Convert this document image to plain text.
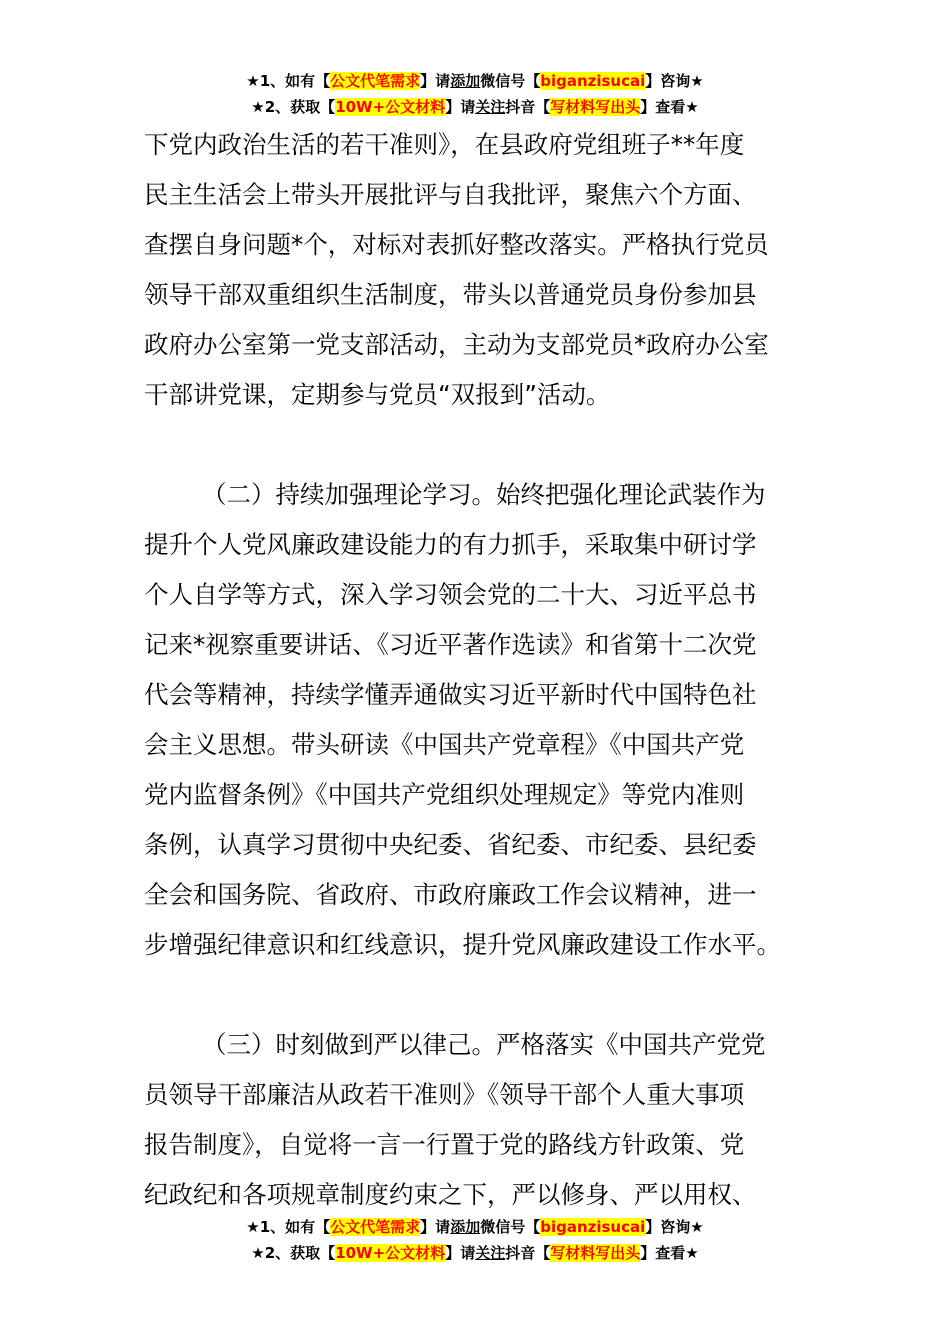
★1、如有【公文代笔需求】请添加微信号【biganzisucai】咨询★
★2、获取【10W+公文材料】请关注抖音【写材料写出头】查看★

下党内政治生活的若干准则》，在县政府党组班子**年度

民主生活会上带头开展批评与自我批评，聚焦六个方面、

查摆自身问题*个，对标对表抓好整改落实。严格执行党员

领导干部双重组织生活制度，带头以普通党员身份参加县

政府办公室第一党支部活动，主动为支部党员*政府办公室

干部讲党课，定期参与党员“双报到”活动。

（二）持续加强理论学习。始终把强化理论武装作为

提升个人党风廉政建设能力的有力抓手，采取集中研讨学

个人自学等方式，深入学习领会党的二十大、习近平总书

记来*视察重要讲话、《习近平著作选读》和省第十二次党

代会等精神，持续学懂弄通做实习近平新时代中国特色社

会主义思想。带头研读《中国共产党章程》《中国共产党

党内监督条例》《中国共产党组织处理规定》等党内准则

条例，认真学习贯彻中央纪委、省纪委、市纪委、县纪委

全会和国务院、省政府、市政府廉政工作会议精神，进一

步增强纪律意识和红线意识，提升党风廉政建设工作水平。

（三）时刻做到严以律己。严格落实《中国共产党党

员领导干部廉洁从政若干准则》《领导干部个人重大事项

报告制度》，自觉将一言一行置于党的路线方针政策、党

纪政纪和各项规章制度约束之下，严以修身、严以用权、

★1、如有【公文代笔需求】请添加微信号【biganzisucai】咨询★
★2、获取【10W+公文材料】请关注抖音【写材料写出头】查看★
